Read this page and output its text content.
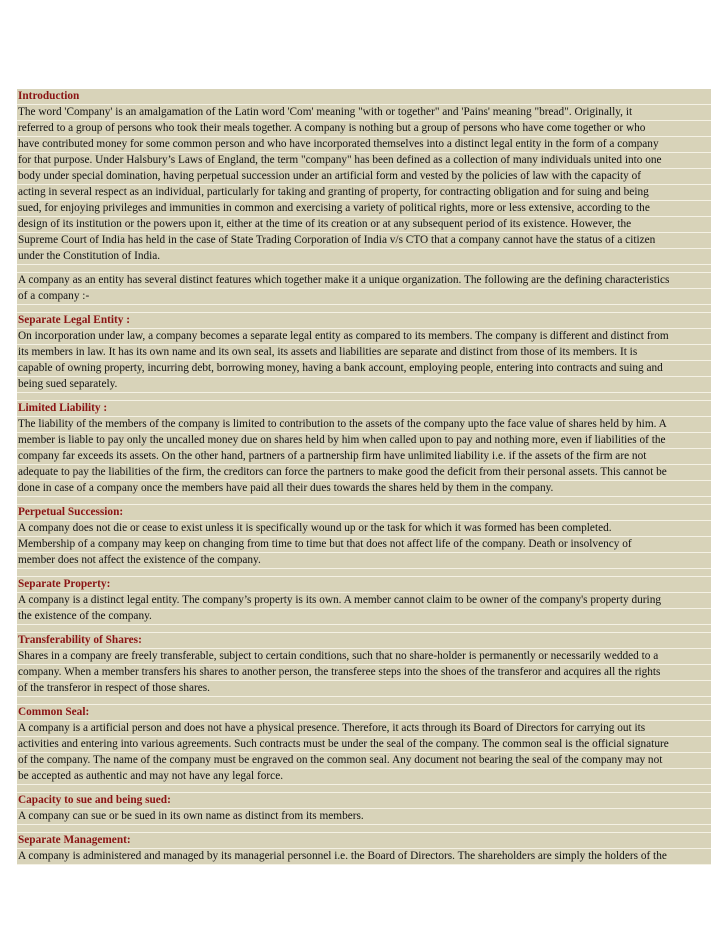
Introduction
The word 'Company' is an amalgamation of the Latin word 'Com' meaning "with or together" and 'Pains' meaning "bread". Originally, it
referred to a group of persons who took their meals together. A company is nothing but a group of persons who have come together or who
have contributed money for some common person and who have incorporated themselves into a distinct legal entity in the form of a company
for that purpose. Under Halsbury’s Laws of England, the term "company" has been defined as a collection of many individuals united into one
body under special domination, having perpetual succession under an artificial form and vested by the policies of law with the capacity of
acting in several respect as an individual, particularly for taking and granting of property, for contracting obligation and for suing and being
sued, for enjoying privileges and immunities in common and exercising a variety of political rights, more or less extensive, according to the
design of its institution or the powers upon it, either at the time of its creation or at any subsequent period of its existence. However, the
Supreme Court of India has held in the case of State Trading Corporation of India v/s CTO that a company cannot have the status of a citizen
under the Constitution of India.
A company as an entity has several distinct features which together make it a unique organization. The following are the defining characteristics
of a company :-
Separate Legal Entity :
On incorporation under law, a company becomes a separate legal entity as compared to its members. The company is different and distinct from
its members in law. It has its own name and its own seal, its assets and liabilities are separate and distinct from those of its members. It is
capable of owning property, incurring debt, borrowing money, having a bank account, employing people, entering into contracts and suing and
being sued separately.
Limited Liability :
The liability of the members of the company is limited to contribution to the assets of the company upto the face value of shares held by him. A
member is liable to pay only the uncalled money due on shares held by him when called upon to pay and nothing more, even if liabilities of the
company far exceeds its assets. On the other hand, partners of a partnership firm have unlimited liability i.e. if the assets of the firm are not
adequate to pay the liabilities of the firm, the creditors can force the partners to make good the deficit from their personal assets. This cannot be
done in case of a company once the members have paid all their dues towards the shares held by them in the company.
Perpetual Succession:
A company does not die or cease to exist unless it is specifically wound up or the task for which it was formed has been completed.
Membership of a company may keep on changing from time to time but that does not affect life of the company. Death or insolvency of
member does not affect the existence of the company.
Separate Property:
A company is a distinct legal entity. The company’s property is its own. A member cannot claim to be owner of the company's property during
the existence of the company.
Transferability of Shares:
Shares in a company are freely transferable, subject to certain conditions, such that no share-holder is permanently or necessarily wedded to a
company. When a member transfers his shares to another person, the transferee steps into the shoes of the transferor and acquires all the rights
of the transferor in respect of those shares.
Common Seal:
A company is a artificial person and does not have a physical presence. Therefore, it acts through its Board of Directors for carrying out its
activities and entering into various agreements. Such contracts must be under the seal of the company. The common seal is the official signature
of the company. The name of the company must be engraved on the common seal. Any document not bearing the seal of the company may not
be accepted as authentic and may not have any legal force.
Capacity to sue and being sued:
A company can sue or be sued in its own name as distinct from its members.
Separate Management:
A company is administered and managed by its managerial personnel i.e. the Board of Directors. The shareholders are simply the holders of the
